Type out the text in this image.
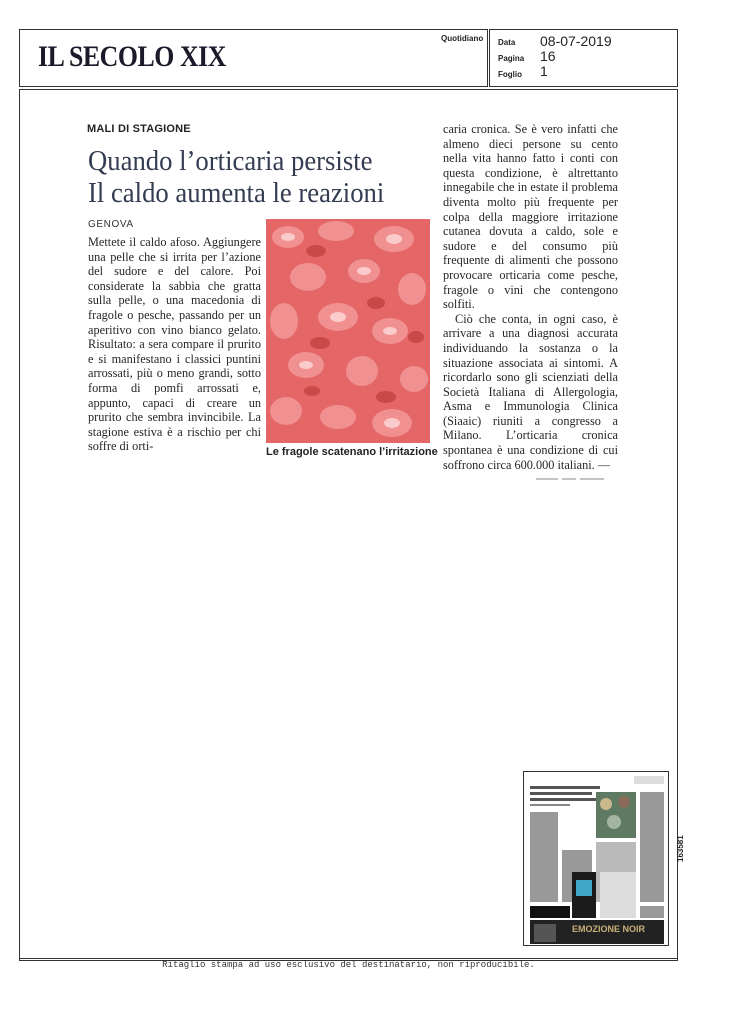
IL SECOLO XIX
Quotidiano Data 08-07-2019
Pagina 16
Foglio 1
MALI DI STAGIONE
Quando l’orticaria persiste
Il caldo aumenta le reazioni
GENOVA

Mettete il caldo afoso. Aggiungere una pelle che si irrita per l’azione del sudore e del calore. Poi considerate la sabbia che gratta sulla pelle, o una macedonia di fragole o pesche, passando per un aperitivo con vino bianco gelato. Risultato: a sera compare il prurito e si manifestano i classici puntini arrossati, più o meno grandi, sotto forma di pomfi arrossati e, appunto, capaci di creare un prurito che sembra invincibile. La stagione estiva è a rischio per chi soffre di orti-	Le fragole scatenano l’irritazione

caria cronica. Se è vero infatti che almeno dieci persone su cento nella vita hanno fatto i conti con questa condizione, è altrettanto innegabile che in estate il problema diventa molto più frequente per colpa della maggiore irritazione cutanea dovuta a caldo, sole e sudore e del consumo più frequente di alimenti che possono provocare orticaria come pesche, fragole o vini che contengono solfiti.

Ciò che conta, in ogni caso, è arrivare a una diagnosi accurata individuando la sostanza o la situazione associata ai sintomi. A ricordarlo sono gli scienziati della Società Italiana di Allergologia, Asma e Immunologia Clinica (Siaaic) riuniti a congresso a Milano. L’orticaria cronica spontanea è una condizione di cui soffrono circa 600.000 italiani. —

EMOZIONE NOIR
163581
Ritaglio stampa ad uso esclusivo del destinatario, non riproducibile.
